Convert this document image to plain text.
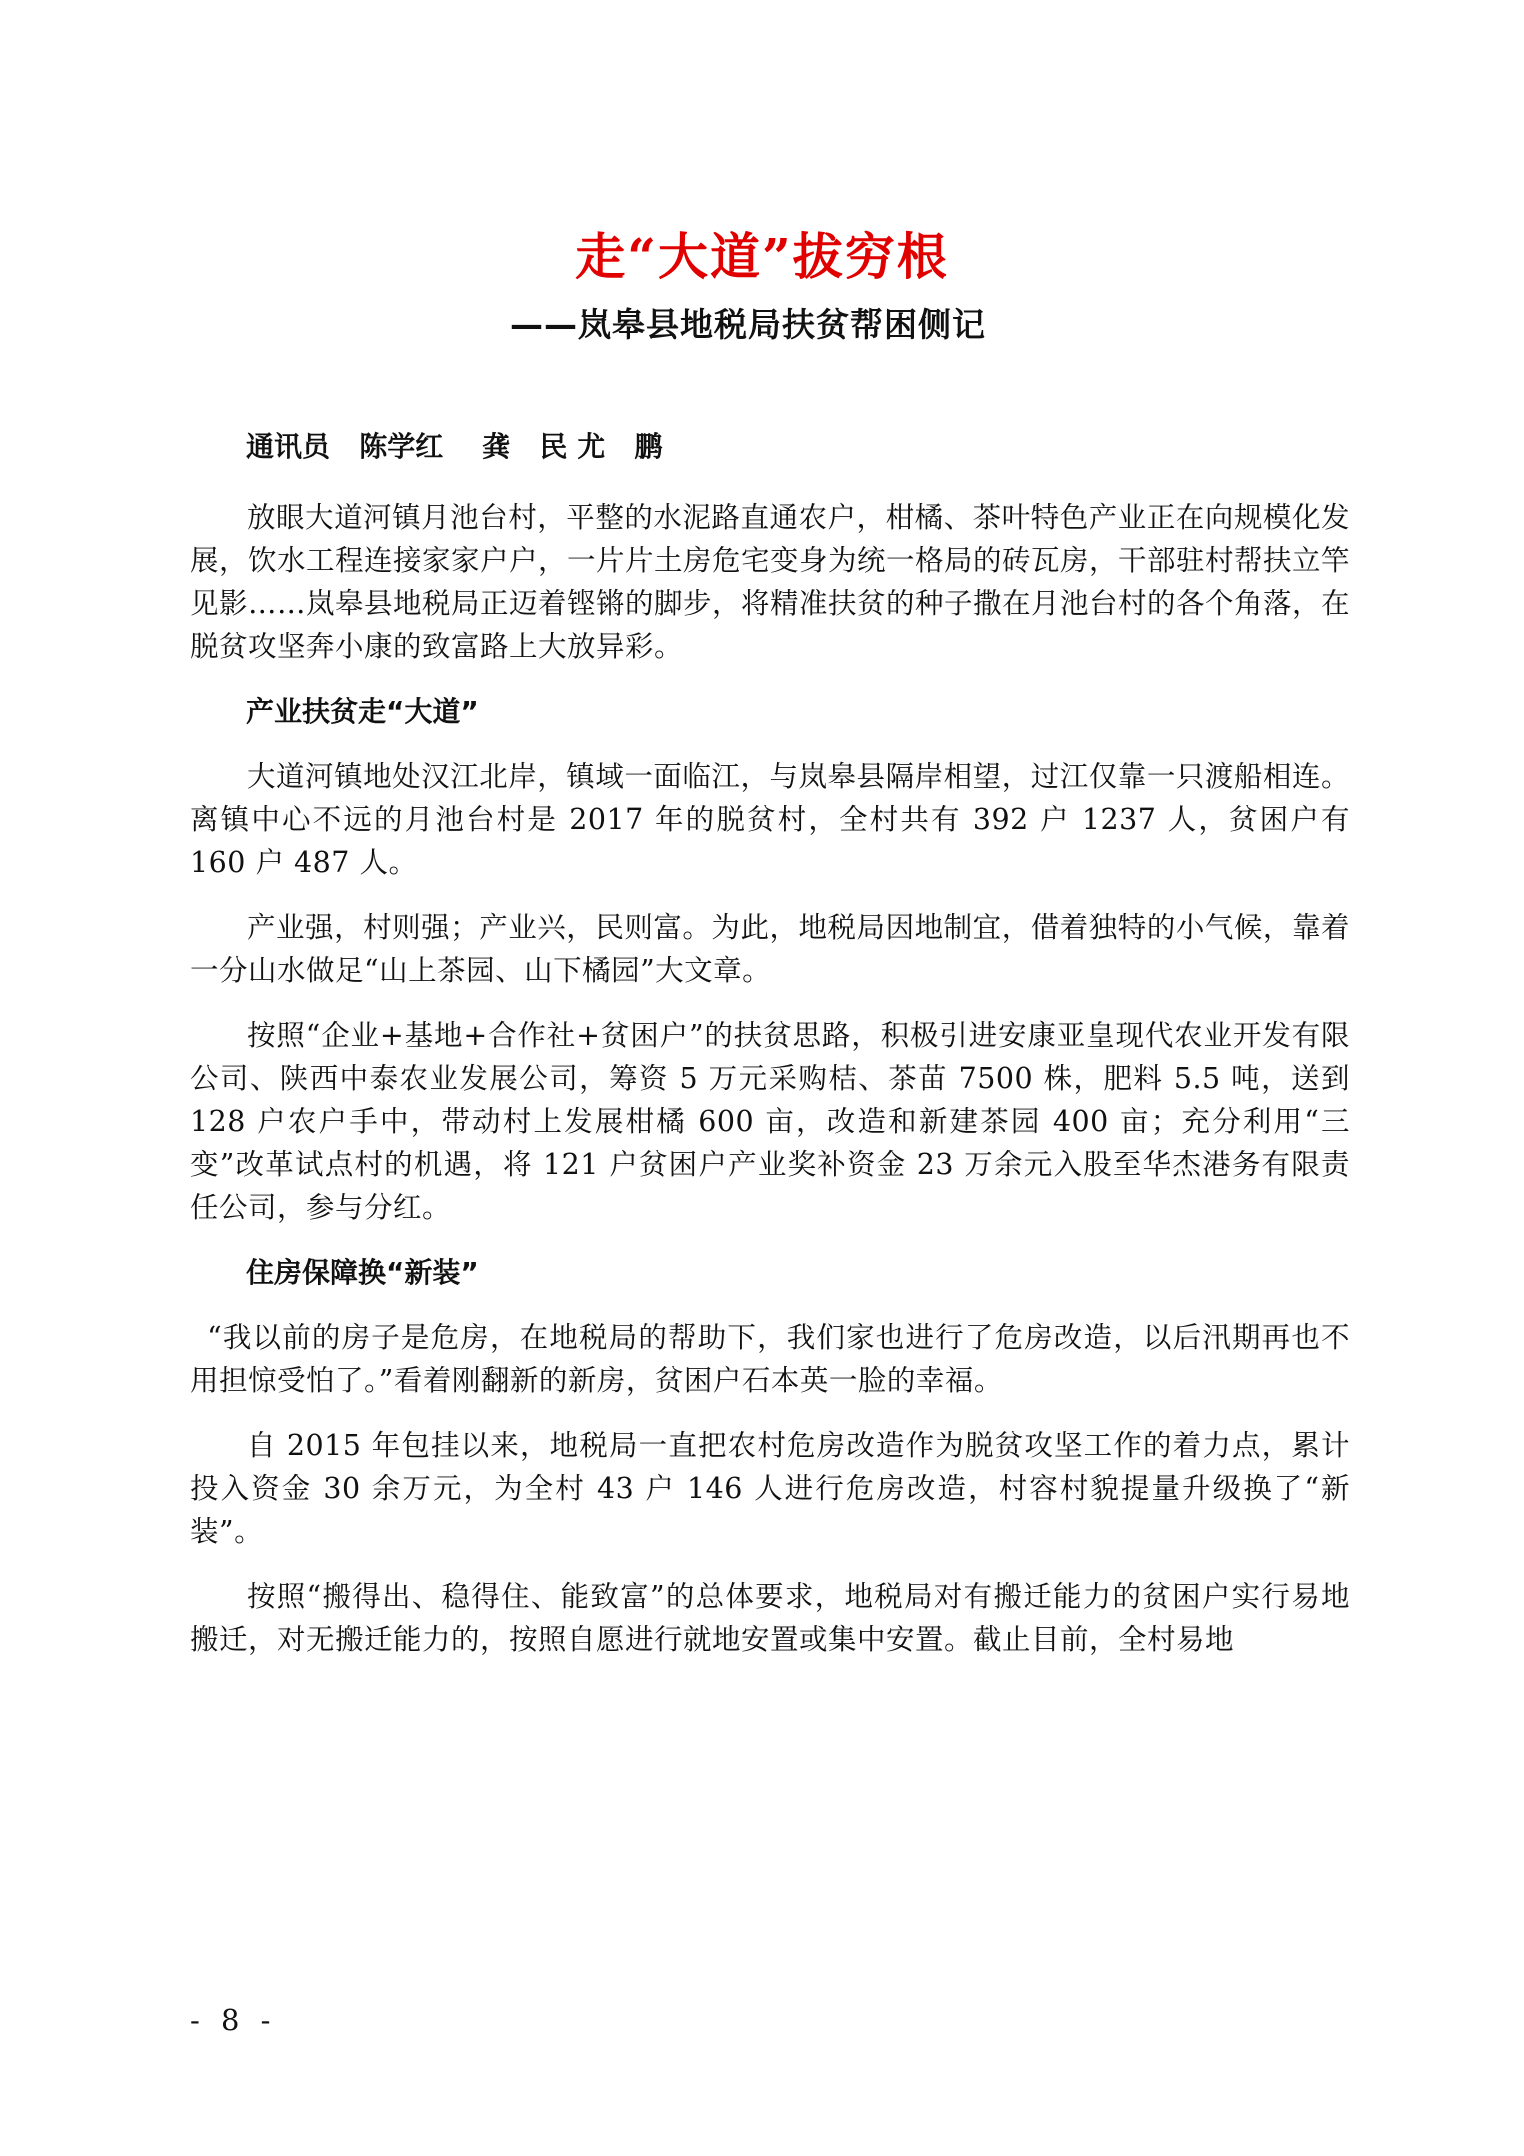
走“大道”拔穷根
——岚皋县地税局扶贫帮困侧记
通讯员   陈学红    龚   民 尤   鹏

放眼大道河镇月池台村，平整的水泥路直通农户，柑橘、茶叶特色产业正在向规模化发展，饮水工程连接家家户户，一片片土房危宅变身为统一格局的砖瓦房，干部驻村帮扶立竿见影……岚皋县地税局正迈着铿锵的脚步，将精准扶贫的种子撒在月池台村的各个角落，在脱贫攻坚奔小康的致富路上大放异彩。

产业扶贫走“大道”

大道河镇地处汉江北岸，镇域一面临江，与岚皋县隔岸相望，过江仅靠一只渡船相连。离镇中心不远的月池台村是 2017 年的脱贫村，全村共有 392 户 1237 人，贫困户有 160 户 487 人。

产业强，村则强；产业兴，民则富。为此，地税局因地制宜，借着独特的小气候，靠着一分山水做足“山上茶园、山下橘园”大文章。

按照“企业+基地+合作社+贫困户”的扶贫思路，积极引进安康亚皇现代农业开发有限公司、陕西中泰农业发展公司，筹资 5 万元采购桔、茶苗 7500 株，肥料 5.5 吨，送到 128 户农户手中，带动村上发展柑橘 600 亩，改造和新建茶园 400 亩；充分利用“三变”改革试点村的机遇，将 121 户贫困户产业奖补资金 23 万余元入股至华杰港务有限责任公司，参与分红。

住房保障换“新装”

“我以前的房子是危房，在地税局的帮助下，我们家也进行了危房改造，以后汛期再也不用担惊受怕了。”看着刚翻新的新房，贫困户石本英一脸的幸福。

自 2015 年包挂以来，地税局一直把农村危房改造作为脱贫攻坚工作的着力点，累计投入资金 30 余万元，为全村 43 户 146 人进行危房改造，村容村貌提量升级换了“新装”。

按照“搬得出、稳得住、能致富”的总体要求，地税局对有搬迁能力的贫困户实行易地搬迁，对无搬迁能力的，按照自愿进行就地安置或集中安置。截止目前，全村易地

- 8 -
